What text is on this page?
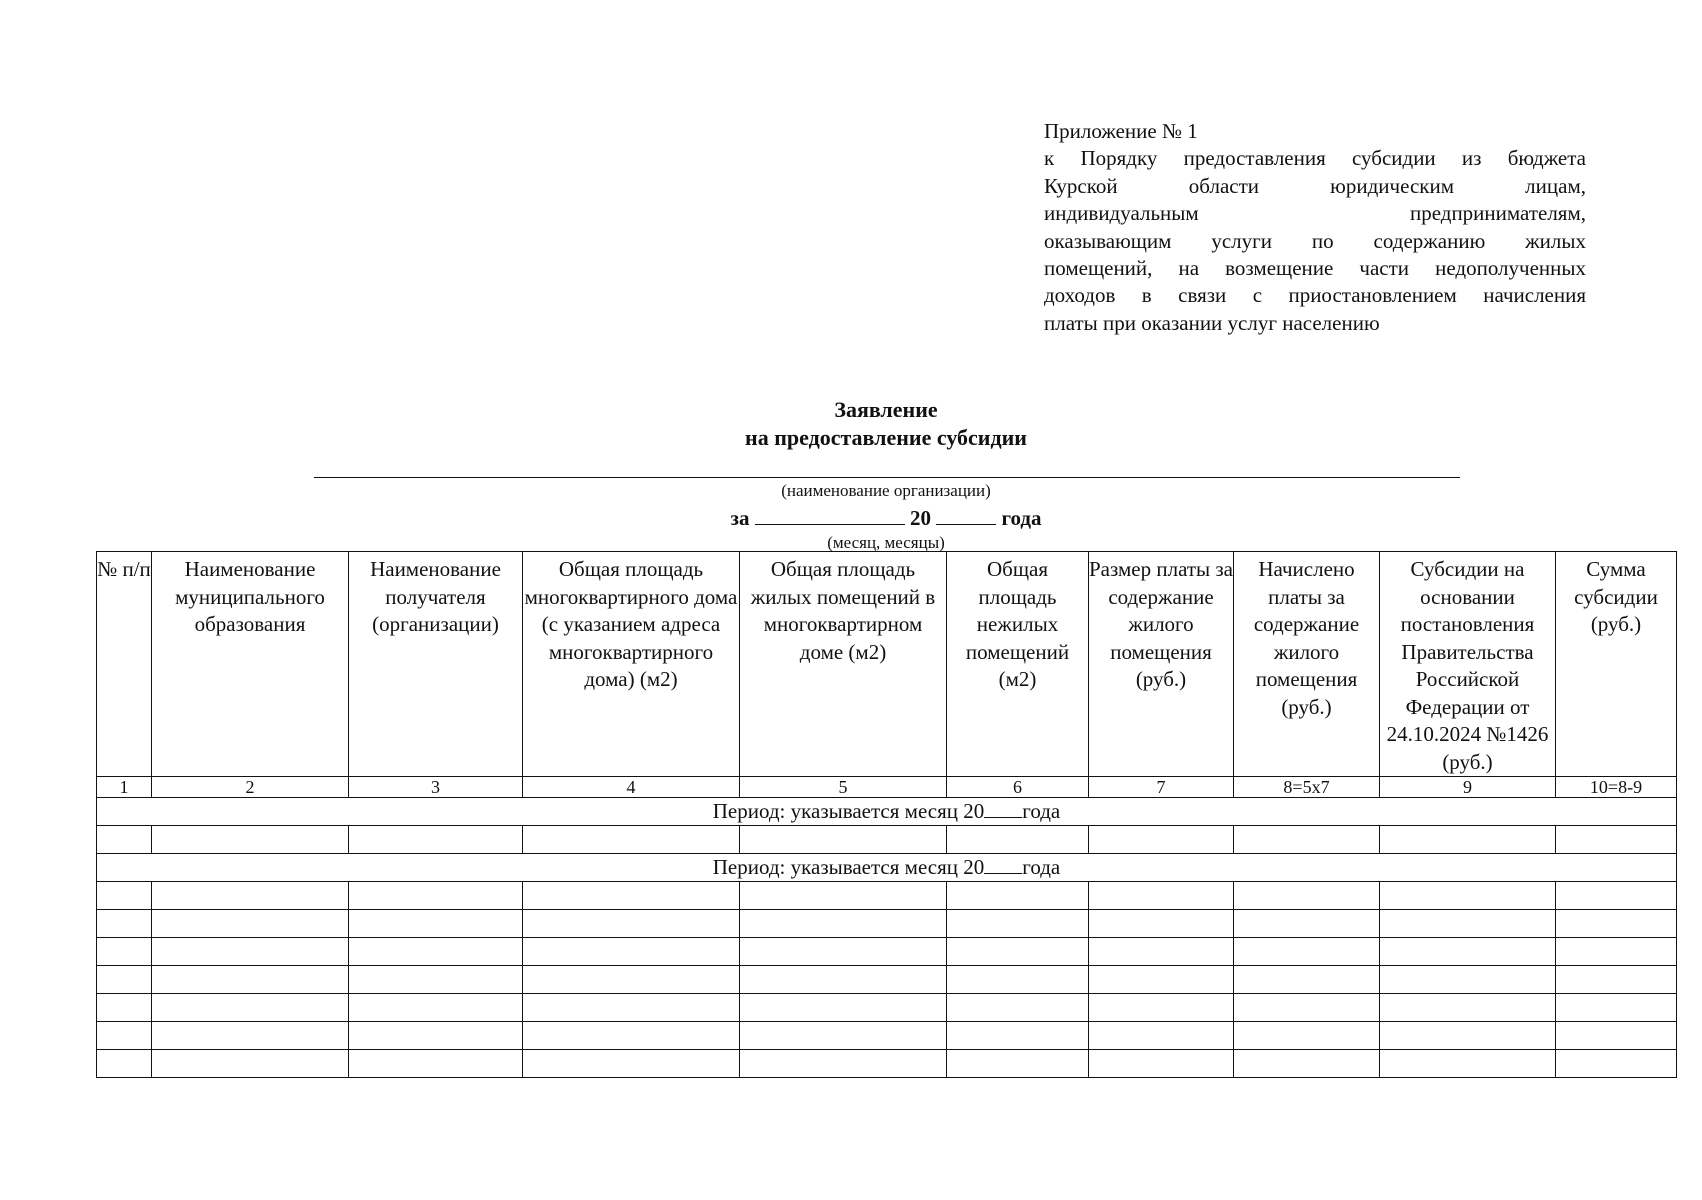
Приложение № 1
к Порядку предоставления субсидии из бюджета
Курской области юридическим лицам,
индивидуальным предпринимателям,
оказывающим услуги по содержанию жилых
помещений, на возмещение части недополученных
доходов в связи с приостановлением начисления
платы при оказании услуг населению
Заявление
на предоставление субсидии
(наименование организации)
за	20	года
(месяц, месяцы)
№ п/п	Наименование муниципального образования	Наименование получателя (организации)	Общая площадь многоквартирного дома (с указанием адреса многоквартирного дома) (м2)	Общая площадь жилых помещений в многоквартирном доме (м2)	Общая площадь нежилых помещений (м2)	Размер платы за содержание жилого помещения (руб.)	Начислено платы за содержание жилого помещения (руб.)	Субсидии на основании постановления Правительства Российской Федерации от 24.10.2024 №1426 (руб.)	Сумма субсидии (руб.)
1	2	3	4	5	6	7	8=5x7	9	10=8-9
Период: указывается месяц 20 года									

Период: указывается месяц 20 года									
